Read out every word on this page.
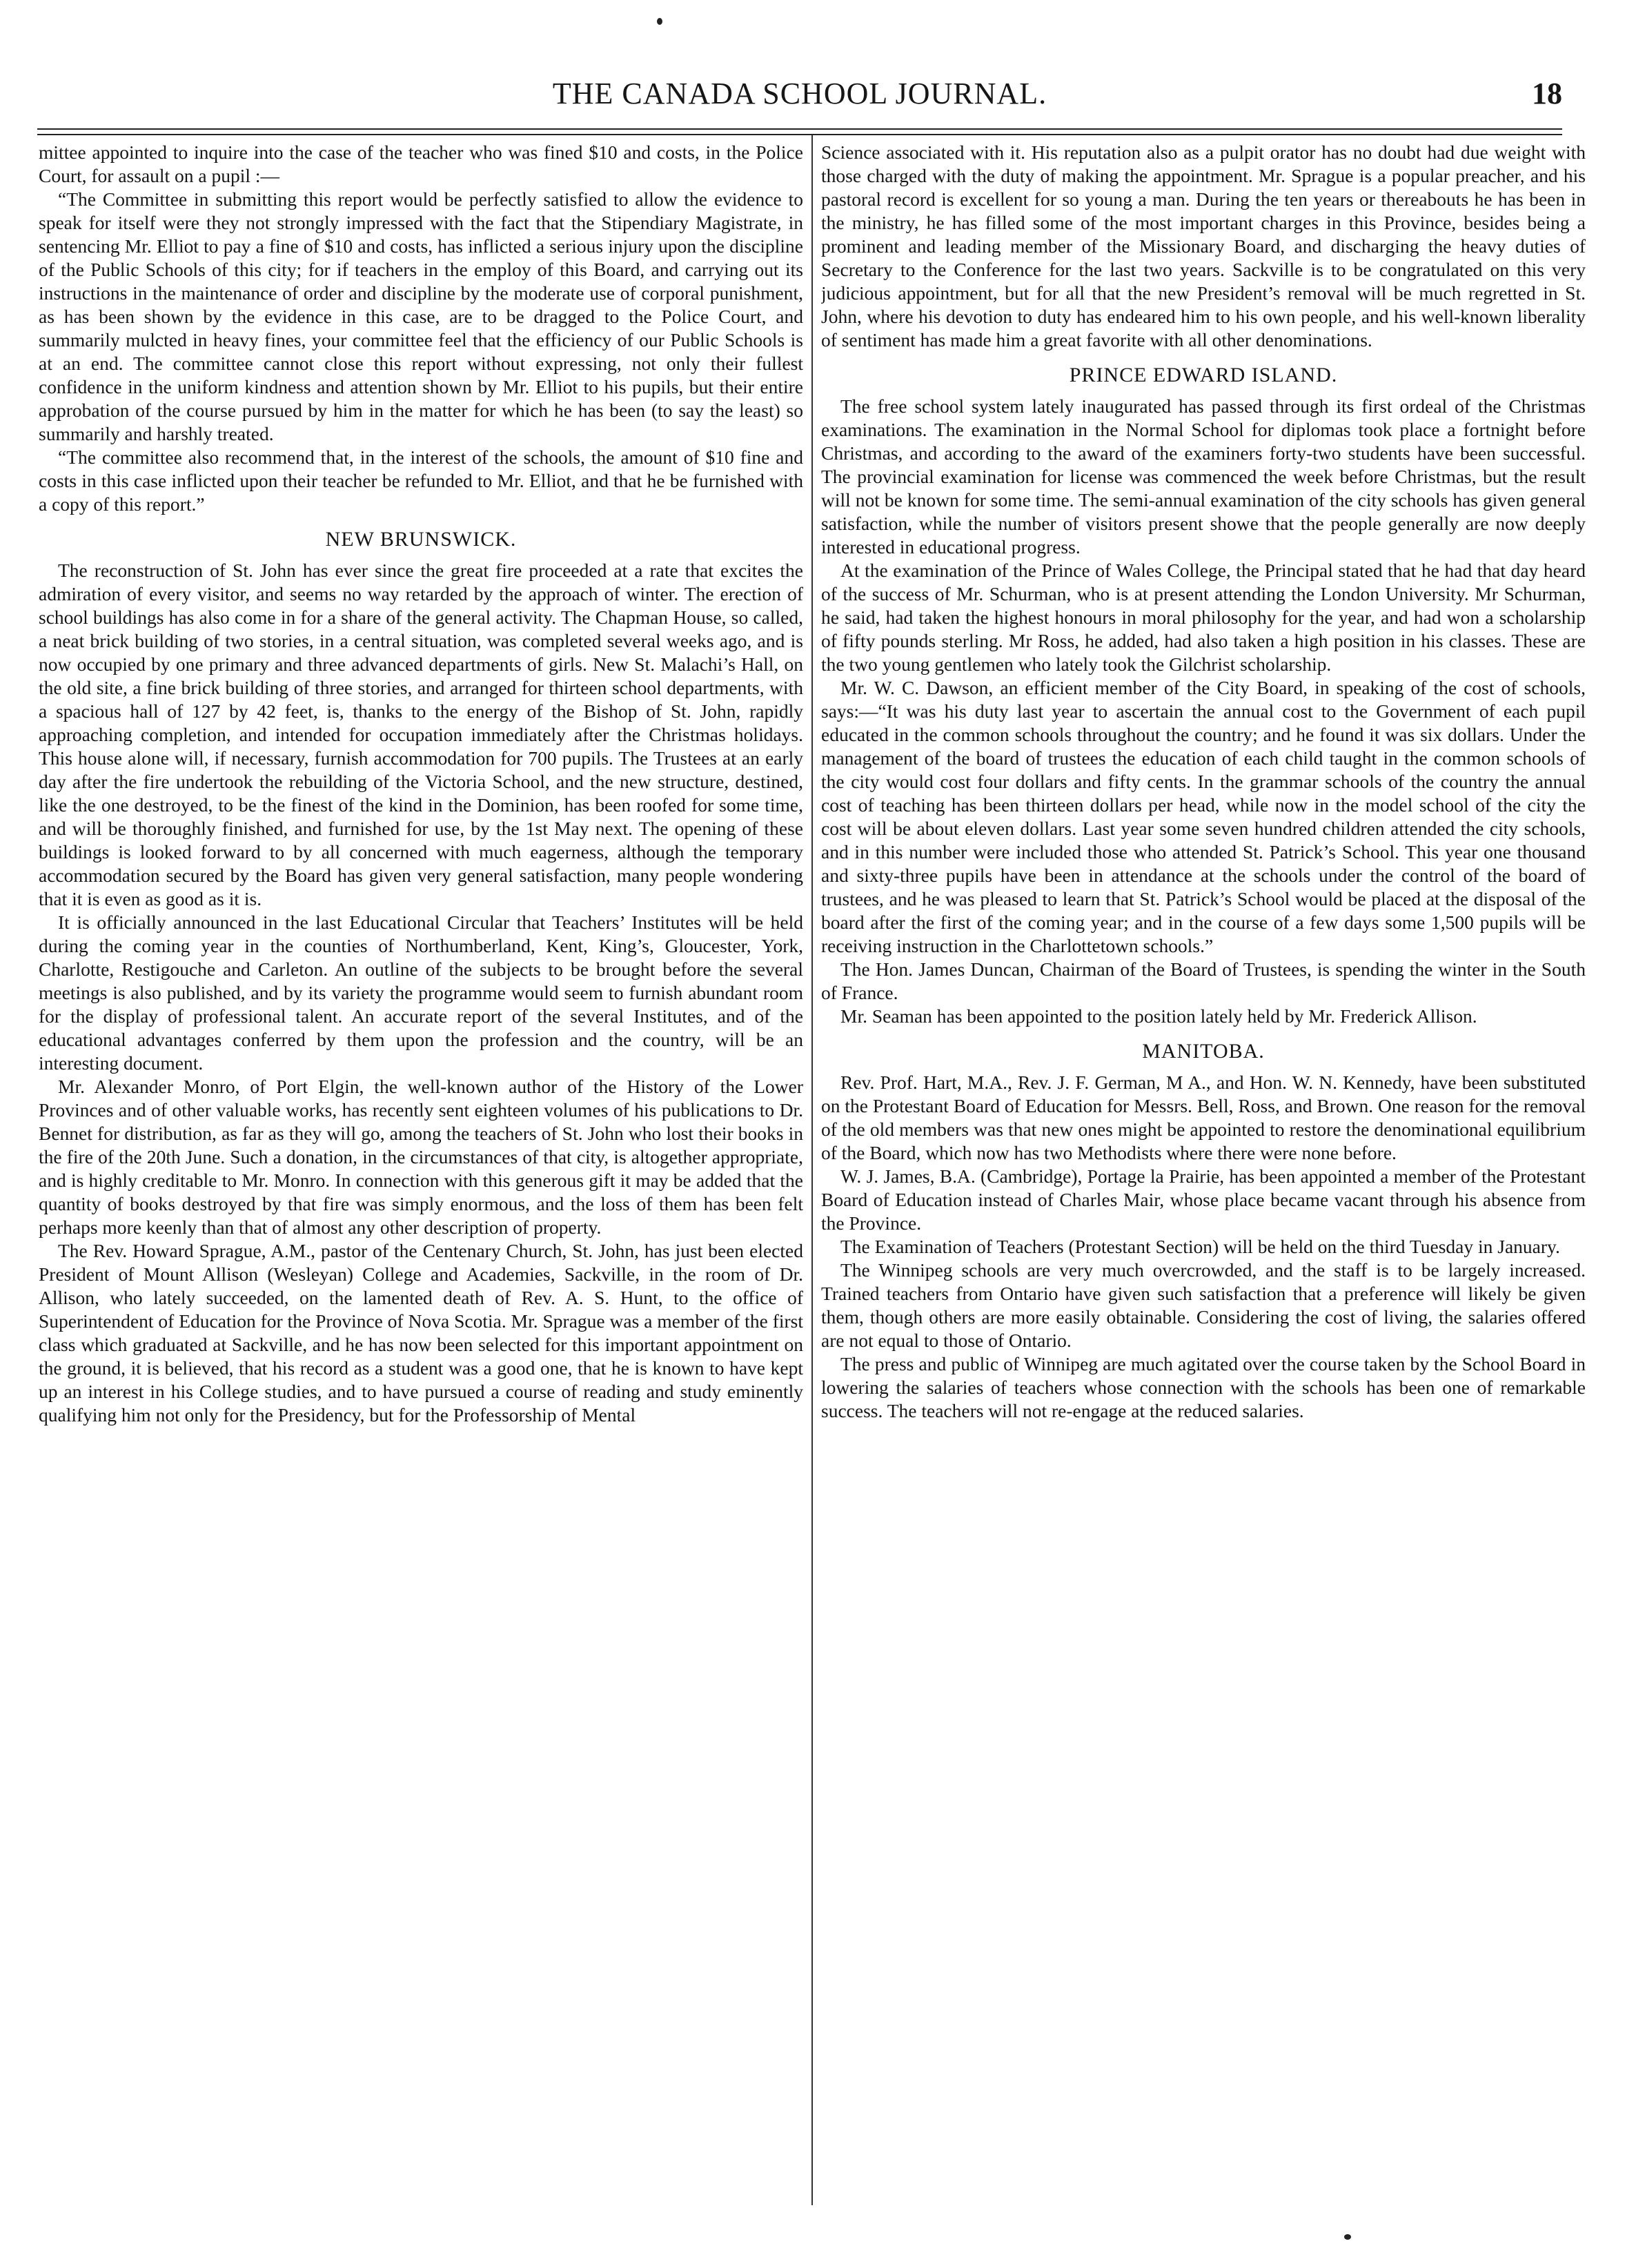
THE CANADA SCHOOL JOURNAL.	18

mittee appointed to inquire into the case of the teacher who was fined $10 and costs, in the Police Court, for assault on a pupil :—

“The Committee in submitting this report would be perfectly satisfied to allow the evidence to speak for itself were they not strongly impressed with the fact that the Stipendiary Magistrate, in sentencing Mr. Elliot to pay a fine of $10 and costs, has inflicted a serious injury upon the discipline of the Public Schools of this city; for if teachers in the employ of this Board, and carrying out its instructions in the maintenance of order and discipline by the moderate use of corporal punishment, as has been shown by the evidence in this case, are to be dragged to the Police Court, and summarily mulcted in heavy fines, your committee feel that the efficiency of our Public Schools is at an end. The committee cannot close this report without expressing, not only their fullest confidence in the uniform kindness and attention shown by Mr. Elliot to his pupils, but their entire approbation of the course pursued by him in the matter for which he has been (to say the least) so summarily and harshly treated.

“The committee also recommend that, in the interest of the schools, the amount of $10 fine and costs in this case inflicted upon their teacher be refunded to Mr. Elliot, and that he be furnished with a copy of this report.”

NEW BRUNSWICK.

The reconstruction of St. John has ever since the great fire proceeded at a rate that excites the admiration of every visitor, and seems no way retarded by the approach of winter. The erection of school buildings has also come in for a share of the general activity. The Chapman House, so called, a neat brick building of two stories, in a central situation, was completed several weeks ago, and is now occupied by one primary and three advanced departments of girls. New St. Malachi’s Hall, on the old site, a fine brick building of three stories, and arranged for thirteen school departments, with a spacious hall of 127 by 42 feet, is, thanks to the energy of the Bishop of St. John, rapidly approaching completion, and intended for occupation immediately after the Christmas holidays. This house alone will, if necessary, furnish accommodation for 700 pupils. The Trustees at an early day after the fire undertook the rebuilding of the Victoria School, and the new structure, destined, like the one destroyed, to be the finest of the kind in the Dominion, has been roofed for some time, and will be thoroughly finished, and furnished for use, by the 1st May next. The opening of these buildings is looked forward to by all concerned with much eagerness, although the temporary accommodation secured by the Board has given very general satisfaction, many people wondering that it is even as good as it is.

It is officially announced in the last Educational Circular that Teachers’ Institutes will be held during the coming year in the counties of Northumberland, Kent, King’s, Gloucester, York, Charlotte, Restigouche and Carleton. An outline of the subjects to be brought before the several meetings is also published, and by its variety the programme would seem to furnish abundant room for the display of professional talent. An accurate report of the several Institutes, and of the educational advantages conferred by them upon the profession and the country, will be an interesting document.

Mr. Alexander Monro, of Port Elgin, the well-known author of the History of the Lower Provinces and of other valuable works, has recently sent eighteen volumes of his publications to Dr. Bennet for distribution, as far as they will go, among the teachers of St. John who lost their books in the fire of the 20th June. Such a donation, in the circumstances of that city, is altogether appropriate, and is highly creditable to Mr. Monro. In connection with this generous gift it may be added that the quantity of books destroyed by that fire was simply enormous, and the loss of them has been felt perhaps more keenly than that of almost any other description of property.

The Rev. Howard Sprague, A.M., pastor of the Centenary Church, St. John, has just been elected President of Mount Allison (Wesleyan) College and Academies, Sackville, in the room of Dr. Allison, who lately succeeded, on the lamented death of Rev. A. S. Hunt, to the office of Superintendent of Education for the Province of Nova Scotia. Mr. Sprague was a member of the first class which graduated at Sackville, and he has now been selected for this important appointment on the ground, it is believed, that his record as a student was a good one, that he is known to have kept up an interest in his College studies, and to have pursued a course of reading and study eminently qualifying him not only for the Presidency, but for the Professorship of Mental

Science associated with it. His reputation also as a pulpit orator has no doubt had due weight with those charged with the duty of making the appointment. Mr. Sprague is a popular preacher, and his pastoral record is excellent for so young a man. During the ten years or thereabouts he has been in the ministry, he has filled some of the most important charges in this Province, besides being a prominent and leading member of the Missionary Board, and discharging the heavy duties of Secretary to the Conference for the last two years. Sackville is to be congratulated on this very judicious appointment, but for all that the new President’s removal will be much regretted in St. John, where his devotion to duty has endeared him to his own people, and his well-known liberality of sentiment has made him a great favorite with all other denominations.

PRINCE EDWARD ISLAND.

The free school system lately inaugurated has passed through its first ordeal of the Christmas examinations. The examination in the Normal School for diplomas took place a fortnight before Christmas, and according to the award of the examiners forty-two students have been successful. The provincial examination for license was commenced the week before Christmas, but the result will not be known for some time. The semi-annual examination of the city schools has given general satisfaction, while the number of visitors present showe that the people generally are now deeply interested in educational progress.

At the examination of the Prince of Wales College, the Principal stated that he had that day heard of the success of Mr. Schurman, who is at present attending the London University. Mr Schurman, he said, had taken the highest honours in moral philosophy for the year, and had won a scholarship of fifty pounds sterling. Mr Ross, he added, had also taken a high position in his classes. These are the two young gentlemen who lately took the Gilchrist scholarship.

Mr. W. C. Dawson, an efficient member of the City Board, in speaking of the cost of schools, says:—“It was his duty last year to ascertain the annual cost to the Government of each pupil educated in the common schools throughout the country; and he found it was six dollars. Under the management of the board of trustees the education of each child taught in the common schools of the city would cost four dollars and fifty cents. In the grammar schools of the country the annual cost of teaching has been thirteen dollars per head, while now in the model school of the city the cost will be about eleven dollars. Last year some seven hundred children attended the city schools, and in this number were included those who attended St. Patrick’s School. This year one thousand and sixty-three pupils have been in attendance at the schools under the control of the board of trustees, and he was pleased to learn that St. Patrick’s School would be placed at the disposal of the board after the first of the coming year; and in the course of a few days some 1,500 pupils will be receiving instruction in the Charlottetown schools.”

The Hon. James Duncan, Chairman of the Board of Trustees, is spending the winter in the South of France.

Mr. Seaman has been appointed to the position lately held by Mr. Frederick Allison.

MANITOBA.

Rev. Prof. Hart, M.A., Rev. J. F. German, M A., and Hon. W. N. Kennedy, have been substituted on the Protestant Board of Education for Messrs. Bell, Ross, and Brown. One reason for the removal of the old members was that new ones might be appointed to restore the denominational equilibrium of the Board, which now has two Methodists where there were none before.

W. J. James, B.A. (Cambridge), Portage la Prairie, has been appointed a member of the Protestant Board of Education instead of Charles Mair, whose place became vacant through his absence from the Province.

The Examination of Teachers (Protestant Section) will be held on the third Tuesday in January.

The Winnipeg schools are very much overcrowded, and the staff is to be largely increased. Trained teachers from Ontario have given such satisfaction that a preference will likely be given them, though others are more easily obtainable. Considering the cost of living, the salaries offered are not equal to those of Ontario.

The press and public of Winnipeg are much agitated over the course taken by the School Board in lowering the salaries of teachers whose connection with the schools has been one of remarkable success. The teachers will not re-engage at the reduced salaries.
